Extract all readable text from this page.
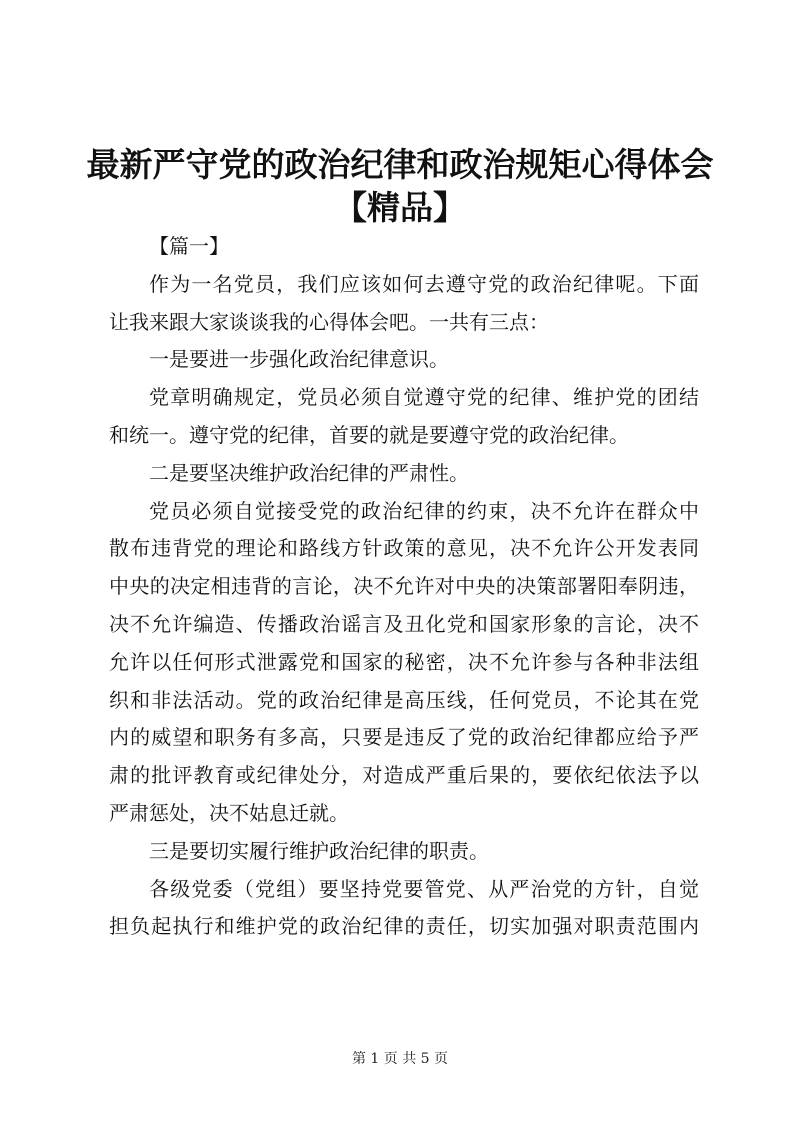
最新严守党的政治纪律和政治规矩心得体会
【精品】
【篇一】
作为一名党员，我们应该如何去遵守党的政治纪律呢。下面
让我来跟大家谈谈我的心得体会吧。一共有三点：
一是要进一步强化政治纪律意识。
党章明确规定，党员必须自觉遵守党的纪律、维护党的团结
和统一。遵守党的纪律，首要的就是要遵守党的政治纪律。
二是要坚决维护政治纪律的严肃性。
党员必须自觉接受党的政治纪律的约束，决不允许在群众中
散布违背党的理论和路线方针政策的意见，决不允许公开发表同
中央的决定相违背的言论，决不允许对中央的决策部署阳奉阴违，
决不允许编造、传播政治谣言及丑化党和国家形象的言论，决不
允许以任何形式泄露党和国家的秘密，决不允许参与各种非法组
织和非法活动。党的政治纪律是高压线，任何党员，不论其在党
内的威望和职务有多高，只要是违反了党的政治纪律都应给予严
肃的批评教育或纪律处分，对造成严重后果的，要依纪依法予以
严肃惩处，决不姑息迁就。
三是要切实履行维护政治纪律的职责。
各级党委（党组）要坚持党要管党、从严治党的方针，自觉
担负起执行和维护党的政治纪律的责任，切实加强对职责范围内
第 1 页 共 5 页
